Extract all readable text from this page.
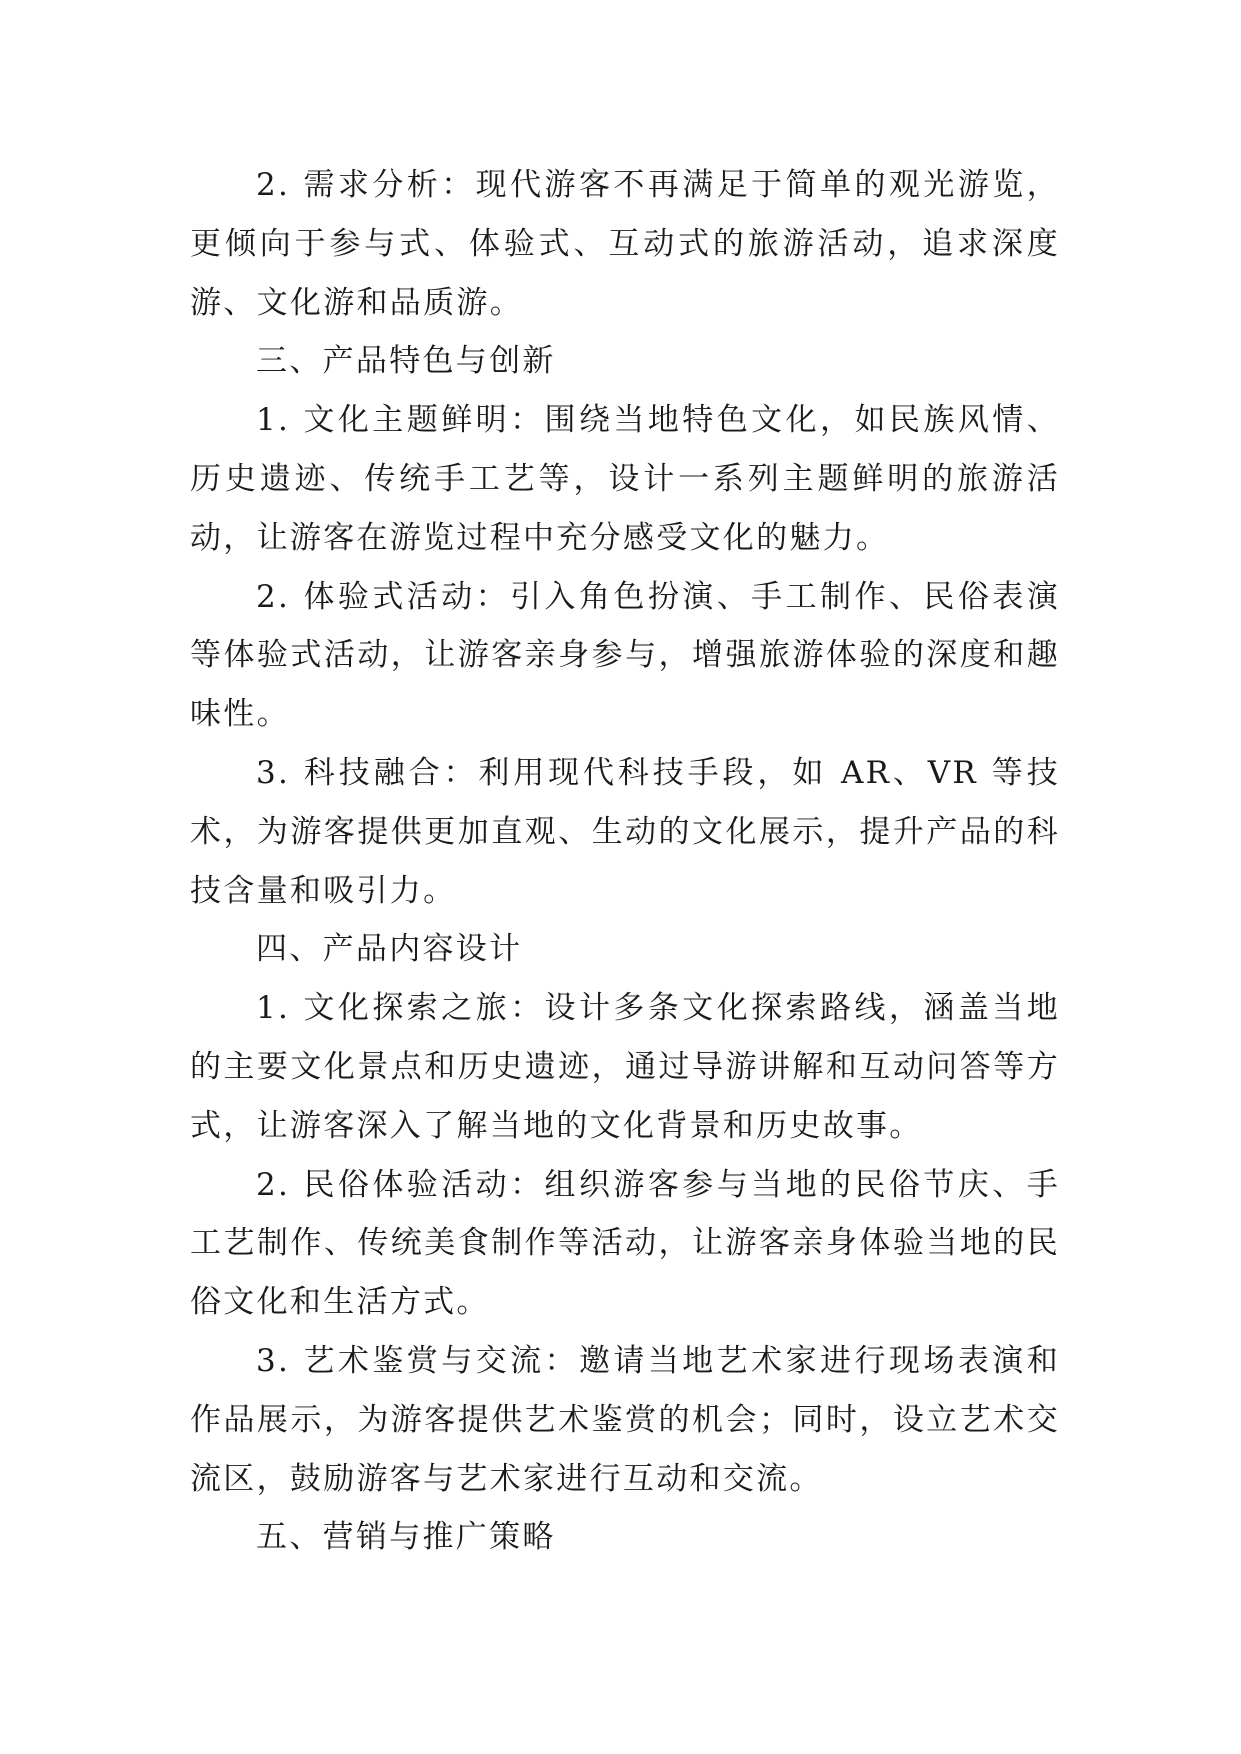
2. 需求分析：现代游客不再满足于简单的观光游览，更倾向于参与式、体验式、互动式的旅游活动，追求深度游、文化游和品质游。

三、产品特色与创新

1. 文化主题鲜明：围绕当地特色文化，如民族风情、历史遗迹、传统手工艺等，设计一系列主题鲜明的旅游活动，让游客在游览过程中充分感受文化的魅力。

2. 体验式活动：引入角色扮演、手工制作、民俗表演等体验式活动，让游客亲身参与，增强旅游体验的深度和趣味性。

3. 科技融合：利用现代科技手段，如 AR、VR 等技术，为游客提供更加直观、生动的文化展示，提升产品的科技含量和吸引力。

四、产品内容设计

1. 文化探索之旅：设计多条文化探索路线，涵盖当地的主要文化景点和历史遗迹，通过导游讲解和互动问答等方式，让游客深入了解当地的文化背景和历史故事。

2. 民俗体验活动：组织游客参与当地的民俗节庆、手工艺制作、传统美食制作等活动，让游客亲身体验当地的民俗文化和生活方式。

3. 艺术鉴赏与交流：邀请当地艺术家进行现场表演和作品展示，为游客提供艺术鉴赏的机会；同时，设立艺术交流区，鼓励游客与艺术家进行互动和交流。

五、营销与推广策略
